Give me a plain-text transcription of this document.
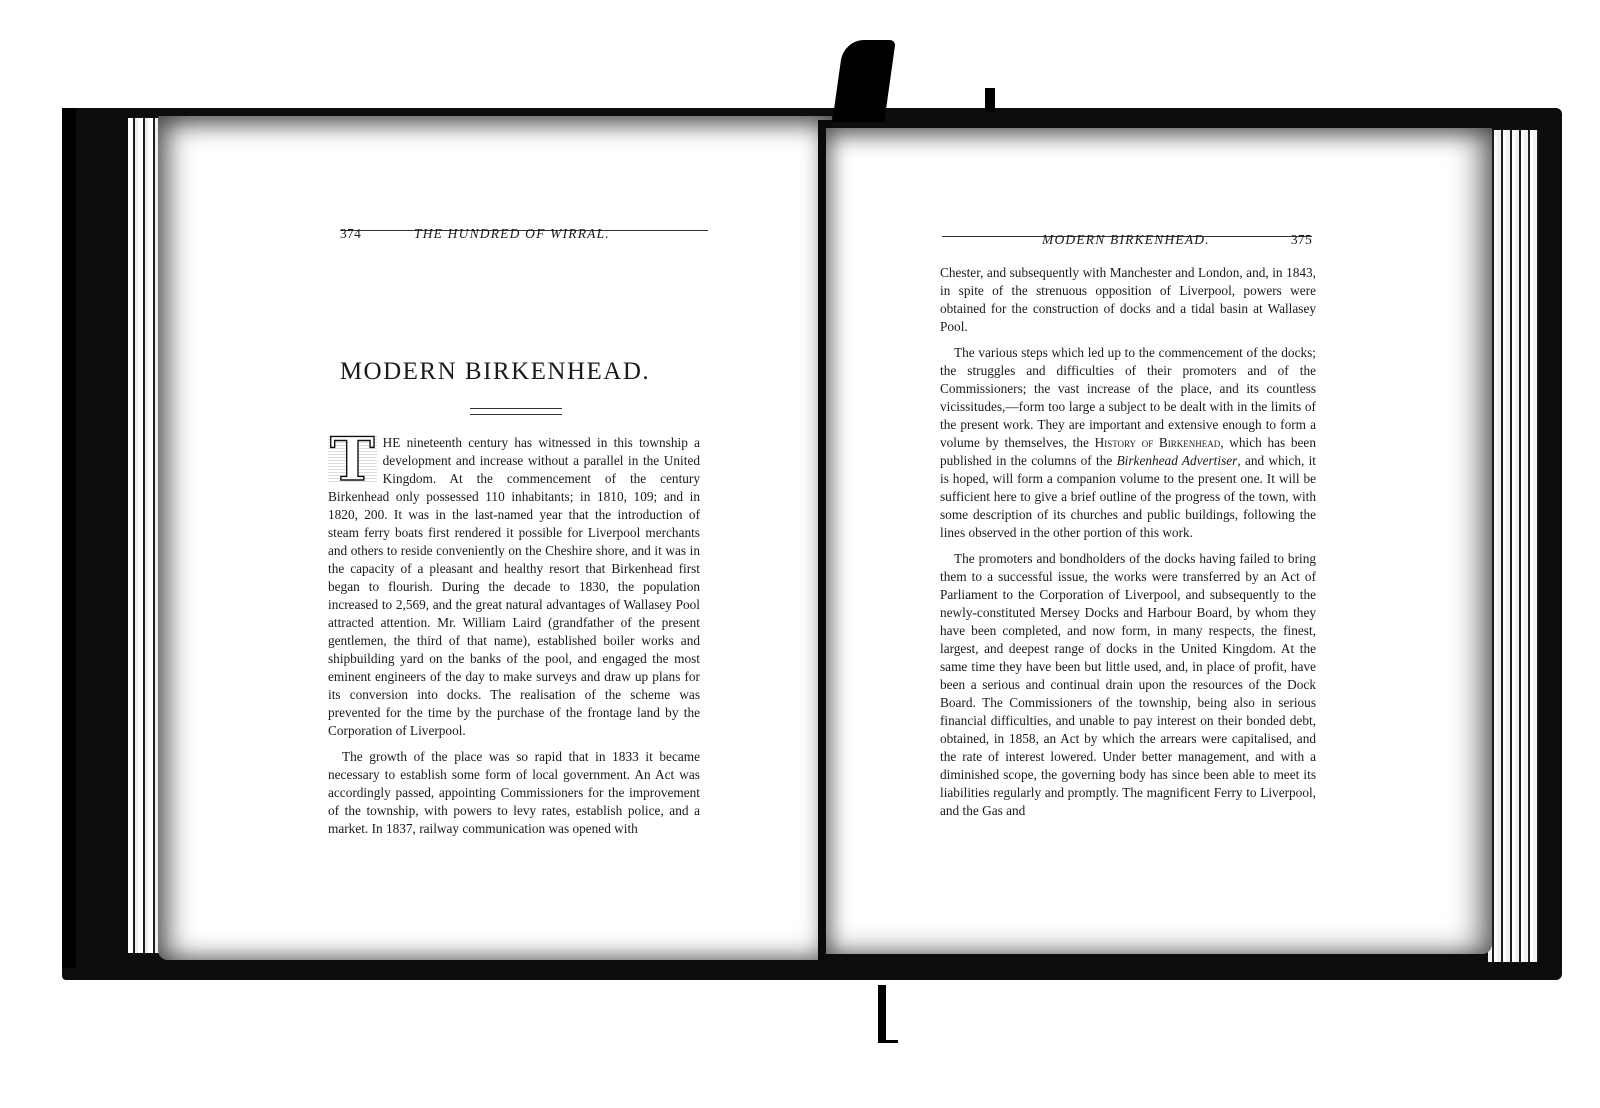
374	THE HUNDRED OF WIRRAL.
MODERN BIRKENHEAD.

T HE nineteenth century has witnessed in this township a development and increase without a parallel in the United Kingdom. At the commencement of the century Birkenhead only possessed 110 inhabitants; in 1810, 109; and in 1820, 200. It was in the last-named year that the introduction of steam ferry boats first rendered it possible for Liverpool merchants and others to reside conveniently on the Cheshire shore, and it was in the capacity of a pleasant and healthy resort that Birkenhead first began to flourish. During the decade to 1830, the population increased to 2,569, and the great natural advantages of Wallasey Pool attracted attention. Mr. William Laird (grandfather of the present gentlemen, the third of that name), established boiler works and shipbuilding yard on the banks of the pool, and engaged the most eminent engineers of the day to make surveys and draw up plans for its conversion into docks. The realisation of the scheme was prevented for the time by the purchase of the frontage land by the Corporation of Liverpool.

The growth of the place was so rapid that in 1833 it became necessary to establish some form of local government. An Act was accordingly passed, appointing Commissioners for the improvement of the township, with powers to levy rates, establish police, and a market. In 1837, railway communication was opened with

MODERN BIRKENHEAD.	375

Chester, and subsequently with Manchester and London, and, in 1843, in spite of the strenuous opposition of Liverpool, powers were obtained for the construction of docks and a tidal basin at Wallasey Pool.

The various steps which led up to the commencement of the docks; the struggles and difficulties of their promoters and of the Commissioners; the vast increase of the place, and its countless vicissitudes,—form too large a subject to be dealt with in the limits of the present work. They are important and extensive enough to form a volume by themselves, the History of Birkenhead, which has been published in the columns of the Birkenhead Advertiser, and which, it is hoped, will form a companion volume to the present one. It will be sufficient here to give a brief outline of the progress of the town, with some description of its churches and public buildings, following the lines observed in the other portion of this work.

The promoters and bondholders of the docks having failed to bring them to a successful issue, the works were transferred by an Act of Parliament to the Corporation of Liverpool, and subsequently to the newly-constituted Mersey Docks and Harbour Board, by whom they have been completed, and now form, in many respects, the finest, largest, and deepest range of docks in the United Kingdom. At the same time they have been but little used, and, in place of profit, have been a serious and continual drain upon the resources of the Dock Board. The Commissioners of the township, being also in serious financial difficulties, and unable to pay interest on their bonded debt, obtained, in 1858, an Act by which the arrears were capitalised, and the rate of interest lowered. Under better management, and with a diminished scope, the governing body has since been able to meet its liabilities regularly and promptly. The magnificent Ferry to Liverpool, and the Gas and
